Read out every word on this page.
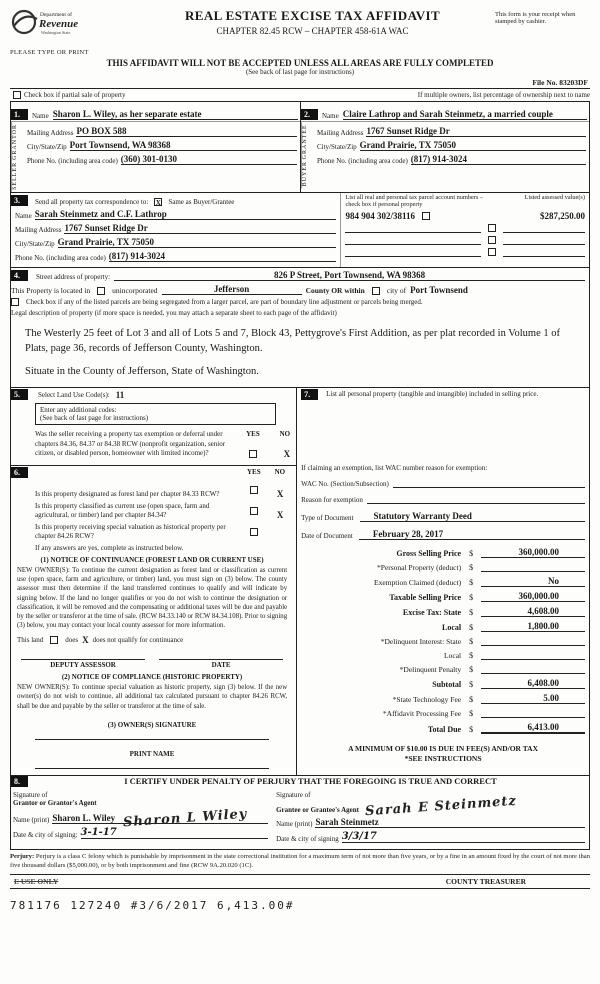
Department of
Revenue
Washington State
PLEASE TYPE OR PRINT
REAL ESTATE EXCISE TAX AFFIDAVIT
CHAPTER 82.45 RCW – CHAPTER 458-61A WAC
This form is your receipt when stamped by cashier.
THIS AFFIDAVIT WILL NOT BE ACCEPTED UNLESS ALL AREAS ARE FULLY COMPLETED
(See back of last page for instructions)
File No. 83203DF
Check box if partial sale of property	If multiple owners, list percentage of ownership next to name
1.	Name
Sharon L. Wiley, as her separate estate
SELLER
GRANTOR	Mailing Address PO BOX 588
City/State/Zip Port Townsend, WA 98368
Phone No. (including area code) (360) 301-0130
2.	Name
Claire Lathrop and Sarah Steinmetz, a married couple
BUYER
GRANTEE	Mailing Address 1767 Sunset Ridge Dr
City/State/Zip Grand Prairie, TX 75050
Phone No. (including area code) (817) 914-3024
3.	Send all property tax correspondence to: X Same as Buyer/Grantee
Name Sarah Steinmetz and C.F. Lathrop
Mailing Address 1767 Sunset Ridge Dr
City/State/Zip Grand Prairie, TX 75050
Phone No. (including area code) (817) 914-3024
List all real and personal tax parcel account numbers – check box if personal property
Listed assessed value(s)
984 904 302/38116	$287,250.00
4.	Street address of property:	826 P Street, Port Townsend, WA 98368
This Property is located in	unincorporated	Jefferson	County OR within	city of Port Townsend
Check box if any of the listed parcels are being segregated from a larger parcel, are part of boundary line adjustment or parcels being merged.
Legal description of property (if more space is needed, you may attach a separate sheet to each page of the affidavit)
The Westerly 25 feet of Lot 3 and all of Lots 5 and 7, Block 43, Pettygrove's First Addition, as per plat recorded in Volume 1 of Plats, page 36, records of Jefferson County, Washington.
Situate in the County of Jefferson, State of Washington.
5.	Select Land Use Code(s): 11
Enter any additional codes:
(See back of last page for instructions)
Was the seller receiving a property tax exemption or deferral under chapters 84.36, 84.37 or 84.38 RCW (nonprofit organization, senior citizen, or disabled person, homeowner with limited income)?
YES	NO
X
6.	YES NO
Is this property designated as forest land per chapter 84.33 RCW?	X
Is this property classified as current use (open space, farm and agricultural, or timber) land per chapter 84.34?	X
Is this property receiving special valuation as historical property per chapter 84.26 RCW?
If any answers are yes, complete as instructed below.
(1) NOTICE OF CONTINUANCE (FOREST LAND OR CURRENT USE)
NEW OWNER(S): To continue the current designation as forest land or classification as current use (open space, farm and agriculture, or timber) land, you must sign on (3) below. The county assessor must then determine if the land transferred continues to qualify and will indicate by signing below. If the land no longer qualifies or you do not wish to continue the designation or classification, it will be removed and the compensating or additional taxes will be due and payable by the seller or transferor at the time of sale. (RCW 84.33.140 or RCW 84.34.108). Prior to signing (3) below, you may contact your local county assessor for more information.
This land	does X does not qualify for continuance
DEPUTY ASSESSOR	DATE
(2) NOTICE OF COMPLIANCE (HISTORIC PROPERTY)
NEW OWNER(S): To continue special valuation as historic property, sign (3) below. If the new owner(s) do not wish to continue, all additional tax calculated pursuant to chapter 84.26 RCW, shall be due and payable by the seller or transferor at the time of sale.
(3) OWNER(S) SIGNATURE
PRINT NAME
7.	List all personal property (tangible and intangible) included in selling price.
If claiming an exemption, list WAC number reason for exemption:
WAC No. (Section/Subsection)
Reason for exemption
Type of Document	Statutory Warranty Deed
Date of Document	February 28, 2017
Gross Selling Price	$	360,000.00
*Personal Property (deduct)	$
Exemption Claimed (deduct)	$	No
Taxable Selling Price	$	360,000.00
Excise Tax: State	$	4,608.00
Local	$	1,800.00
*Delinquent Interest: State	$
Local	$
*Delinquent Penalty	$
Subtotal	$	6,408.00
*State Technology Fee	$	5.00
*Affidavit Processing Fee	$
Total Due	$	6,413.00
A MINIMUM OF $10.00 IS DUE IN FEE(S) AND/OR TAX
*SEE INSTRUCTIONS
8.	I CERTIFY UNDER PENALTY OF PERJURY THAT THE FOREGOING IS TRUE AND CORRECT
Signature of
Grantor or Grantor's Agent
Sharon L Wiley
Name (print) Sharon L. Wiley
Date & city of signing: 3-1-17
Signature of
Grantee or Grantee's Agent Sarah E Steinmetz
Name (print) Sarah Steinmetz
Date & city of signing 3/3/17
Perjury: Perjury is a class C felony which is punishable by imprisonment in the state correctional institution for a maximum term of not more than five years, or by a fine in an amount fixed by the court of not more than five thousand dollars ($5,000.00), or by both imprisonment and fine (RCW 9A.20.020 (1C).
E USE ONLY	COUNTY TREASURER
781176 127240 #3/6/2017 6,413.00#
